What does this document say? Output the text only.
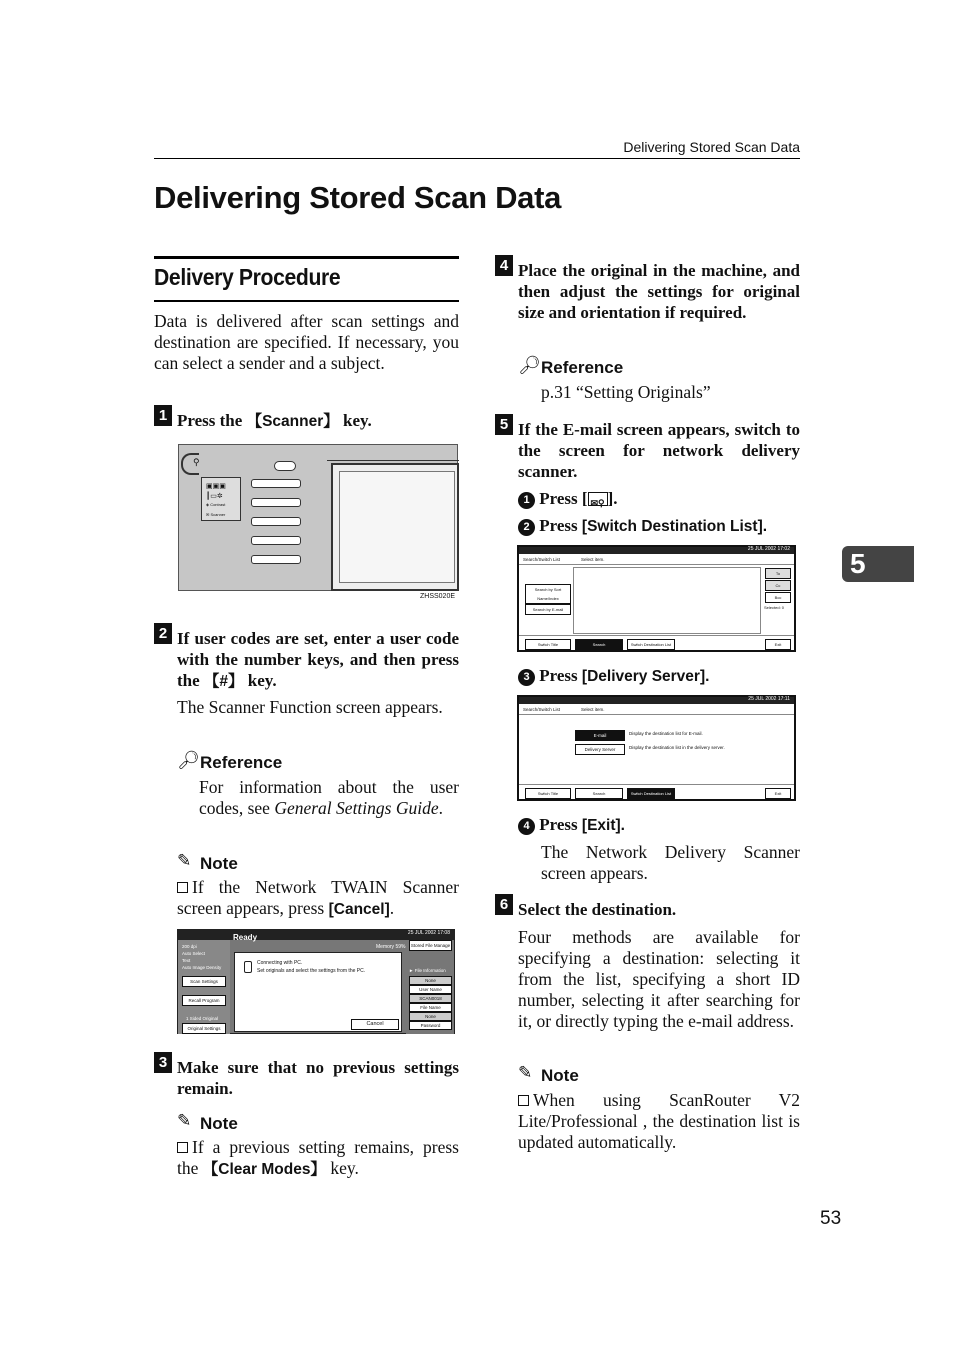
Delivering Stored Scan Data
Delivering Stored Scan Data
Delivery Procedure
Data is delivered after scan settings and destination are specified. If necessary, you can select a sender and a subject.
1 Press the 【Scanner】 key.
⚲
▣▣▣
┃▭✲
◈ Contrast
✉ Scanner
ZHSS020E
2 If user codes are set, enter a user code with the number keys, and then press the 【#】 key.
The Scanner Function screen appears.
🔎︎ Reference
For information about the user codes, see General Settings Guide.
✎ Note
If the Network TWAIN Scanner screen appears, press [Cancel].
Ready	25 JUL 2002 17:08
Memory 59%
200 dpi
Auto Select
Text
Auto Image Density
Scan Settings
Recall Program
1 Sided Original
Original Settings
Connecting with PC.
Set originals and select the settings from the PC.
Cancel
Stored File Manage
► File Information
None
User Name
SCAN0018
File Name
None
Password
3 Make sure that no previous settings remain.
✎ Note
If a previous setting remains, press the 【Clear Modes】 key.
4 Place the original in the machine, and then adjust the settings for original size and orientation if required.
🔎︎ Reference
p.31 “Setting Originals”
5 If the E-mail screen appears, switch to the screen for network delivery scanner.
1 Press [ ✉⚲ ].
2 Press [Switch Destination List].
25 JUL 2002 17:02
Search/Switch List	Select item.
Search by Sort Name/Index
Search by E-mail
To
Cc
Bcc
Selected: 0
Switch Title	Search	Switch Destination List	Exit
3 Press [Delivery Server].
25 JUL 2002 17:11
Search/Switch List	Select item.
E-mail	Display the destination list for E-mail.
Delivery Server	Display the destination list in the delivery server.
Switch Title	Search	Switch Destination List	Exit
4 Press [Exit].
The Network Delivery Scanner screen appears.
6 Select the destination.
Four methods are available for specifying a destination: selecting it from the list, specifying a short ID number, selecting it after searching for it, or directly typing the e-mail address.
✎ Note
When using ScanRouter V2 Lite/Professional , the destination list is updated automatically.
5
53
